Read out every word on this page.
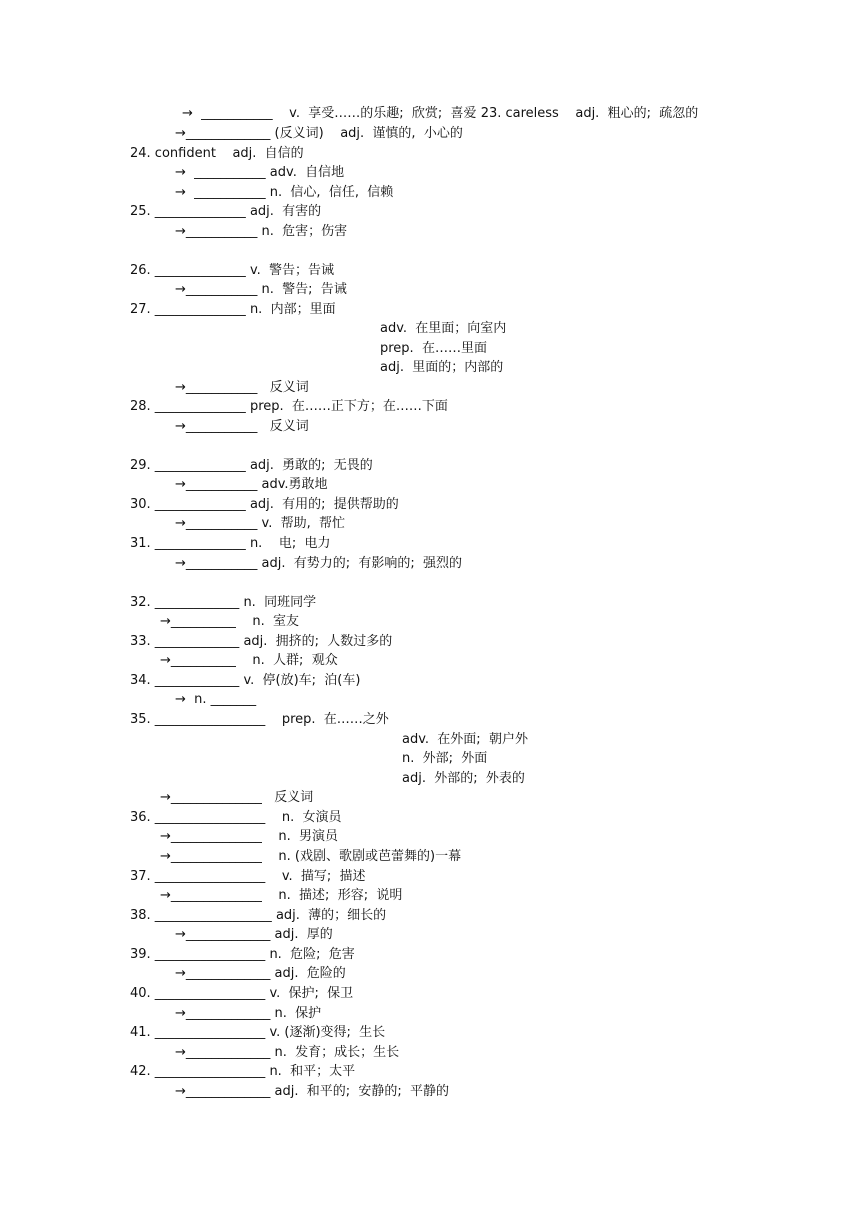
→  ___________    v.  享受……的乐趣;  欣赏;  喜爱 23. careless    adj.  粗心的;  疏忽的
→_____________ (反义词)    adj.  谨慎的,  小心的
24. confident    adj.  自信的
→  ___________ adv.  自信地
→  ___________ n.  信心,  信任,  信赖
25. ______________ adj.  有害的
→___________ n.  危害；伤害
26. ______________ v.  警告；告诫
→___________ n.  警告;  告诫
27. ______________ n.  内部；里面
adv.  在里面；向室内
prep.  在……里面
adj.  里面的；内部的
→___________   反义词
28. ______________ prep.  在……正下方；在……下面
→___________   反义词
29. ______________ adj.  勇敢的;  无畏的
→___________ adv.勇敢地
30. ______________ adj.  有用的;  提供帮助的
→___________ v.  帮助,  帮忙
31. ______________ n.    电;  电力
→___________ adj.  有势力的;  有影响的;  强烈的
32. _____________ n.  同班同学
→__________    n.  室友
33. _____________ adj.  拥挤的;  人数过多的
→__________    n.  人群;  观众
34. _____________ v.  停(放)车;  泊(车)
→  n. _______
35. _________________    prep.  在……之外
adv.  在外面;  朝户外
n.  外部;  外面
adj.  外部的;  外表的
→______________   反义词
36. _________________    n.  女演员
→______________    n.  男演员
→______________    n. (戏剧、歌剧或芭蕾舞的)一幕
37. _________________    v.  描写;  描述
→______________    n.  描述;  形容;  说明
38. __________________ adj.  薄的；细长的
→_____________ adj.  厚的
39. _________________ n.  危险;  危害
→_____________ adj.  危险的
40. _________________ v.  保护;  保卫
→_____________ n.  保护
41. _________________ v. (逐渐)变得;  生长
→_____________ n.  发育；成长；生长
42. _________________ n.  和平；太平
→_____________ adj.  和平的;  安静的;  平静的
